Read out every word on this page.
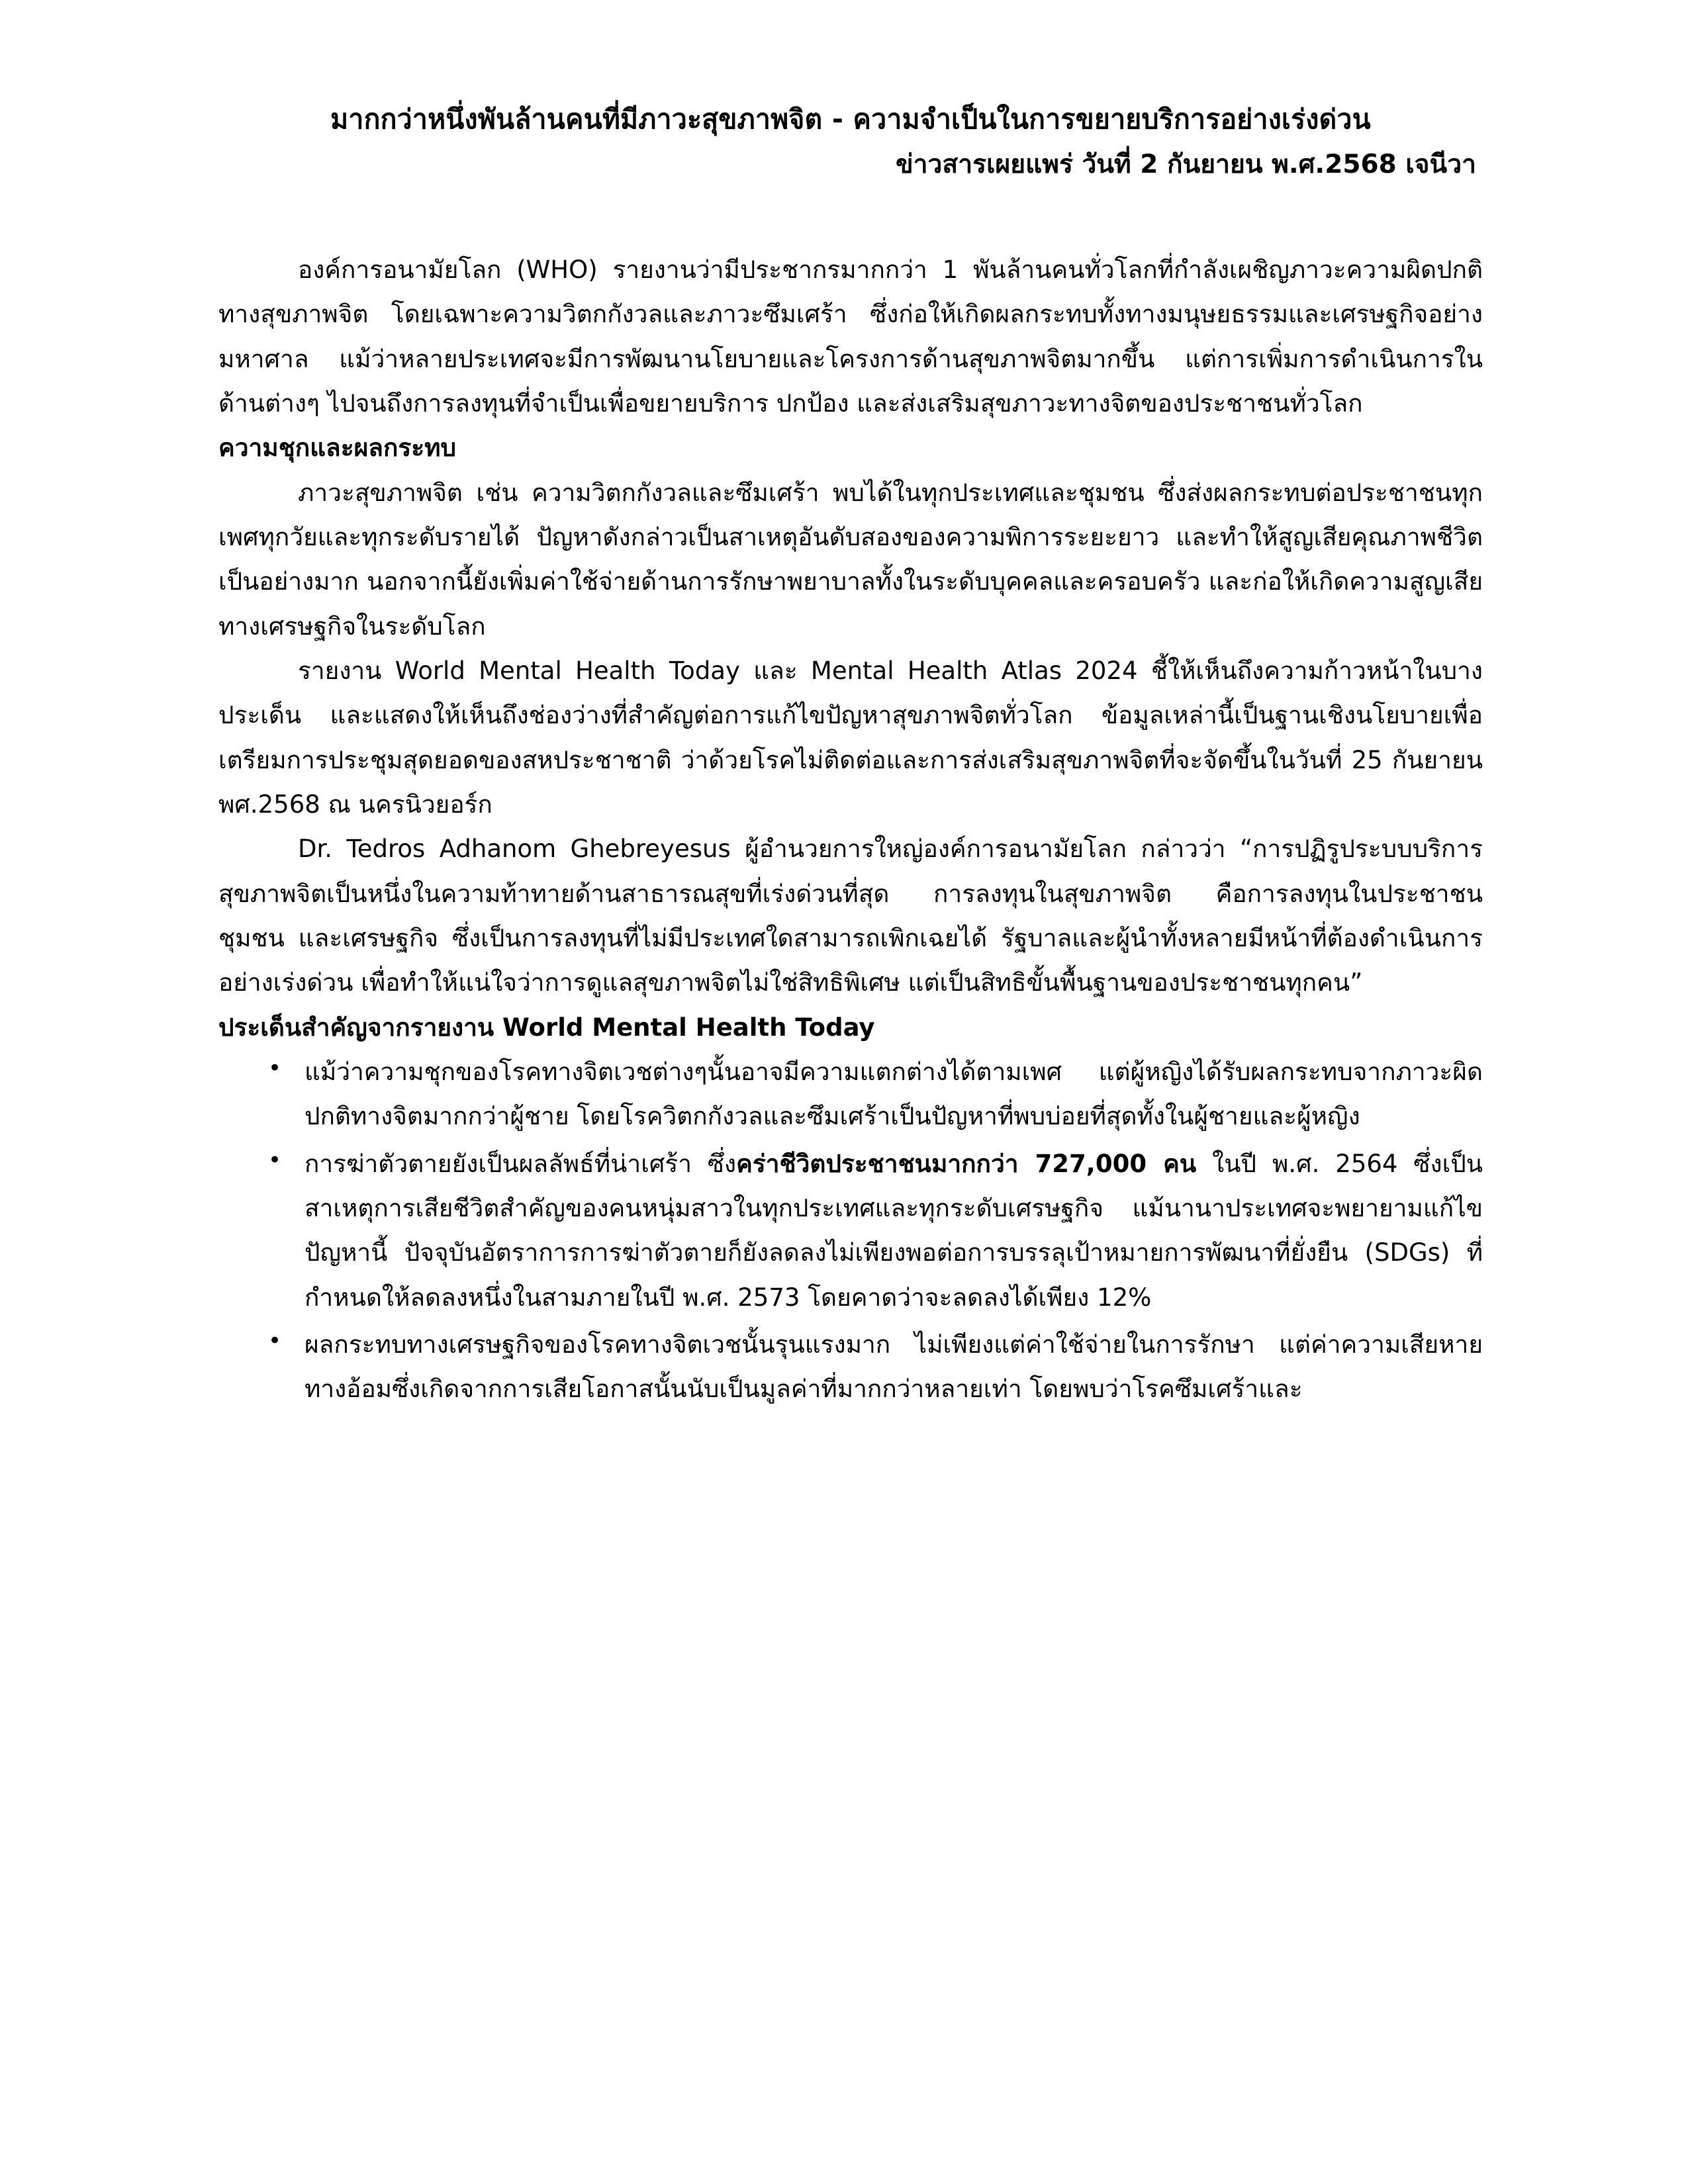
มากกว่าหนึ่งพันล้านคนที่มีภาวะสุขภาพจิต - ความจำเป็นในการขยายบริการอย่างเร่งด่วน
ข่าวสารเผยแพร่ วันที่ 2 กันยายน พ.ศ.2568 เจนีวา

องค์การอนามัยโลก (WHO) รายงานว่ามีประชากรมากกว่า 1 พันล้านคนทั่วโลกที่กำลังเผชิญภาวะความผิดปกติทางสุขภาพจิต โดยเฉพาะความวิตกกังวลและภาวะซึมเศร้า ซึ่งก่อให้เกิดผลกระทบทั้งทางมนุษยธรรมและเศรษฐกิจอย่างมหาศาล แม้ว่าหลายประเทศจะมีการพัฒนานโยบายและโครงการด้านสุขภาพจิตมากขึ้น แต่การเพิ่มการดำเนินการในด้านต่างๆ ไปจนถึงการลงทุนที่จำเป็นเพื่อขยายบริการ ปกป้อง และส่งเสริมสุขภาวะทางจิตของประชาชนทั่วโลก

ความชุกและผลกระทบ

ภาวะสุขภาพจิต เช่น ความวิตกกังวลและซึมเศร้า พบได้ในทุกประเทศและชุมชน ซึ่งส่งผลกระทบต่อประชาชนทุกเพศทุกวัยและทุกระดับรายได้ ปัญหาดังกล่าวเป็นสาเหตุอันดับสองของความพิการระยะยาว และทำให้สูญเสียคุณภาพชีวิตเป็นอย่างมาก นอกจากนี้ยังเพิ่มค่าใช้จ่ายด้านการรักษาพยาบาลทั้งในระดับบุคคลและครอบครัว และก่อให้เกิดความสูญเสียทางเศรษฐกิจในระดับโลก

รายงาน World Mental Health Today และ Mental Health Atlas 2024 ชี้ให้เห็นถึงความก้าวหน้าในบางประเด็น และแสดงให้เห็นถึงช่องว่างที่สำคัญต่อการแก้ไขปัญหาสุขภาพจิตทั่วโลก ข้อมูลเหล่านี้เป็นฐานเชิงนโยบายเพื่อเตรียมการประชุมสุดยอดของสหประชาชาติ ว่าด้วยโรคไม่ติดต่อและการส่งเสริมสุขภาพจิตที่จะจัดขึ้นในวันที่ 25 กันยายน พศ.2568 ณ นครนิวยอร์ก

Dr. Tedros Adhanom Ghebreyesus ผู้อำนวยการใหญ่องค์การอนามัยโลก กล่าวว่า “การปฏิรูประบบบริการสุขภาพจิตเป็นหนึ่งในความท้าทายด้านสาธารณสุขที่เร่งด่วนที่สุด การลงทุนในสุขภาพจิต คือการลงทุนในประชาชน ชุมชน และเศรษฐกิจ ซึ่งเป็นการลงทุนที่ไม่มีประเทศใดสามารถเพิกเฉยได้ รัฐบาลและผู้นำทั้งหลายมีหน้าที่ต้องดำเนินการอย่างเร่งด่วน เพื่อทำให้แน่ใจว่าการดูแลสุขภาพจิตไม่ใช่สิทธิพิเศษ แต่เป็นสิทธิขั้นพื้นฐานของประชาชนทุกคน”

ประเด็นสำคัญจากรายงาน World Mental Health Today
• แม้ว่าความชุกของโรคทางจิตเวชต่างๆนั้นอาจมีความแตกต่างได้ตามเพศ แต่ผู้หญิงได้รับผลกระทบจากภาวะผิดปกติทางจิตมากกว่าผู้ชาย โดยโรควิตกกังวลและซึมเศร้าเป็นปัญหาที่พบบ่อยที่สุดทั้งในผู้ชายและผู้หญิง
• การฆ่าตัวตายยังเป็นผลลัพธ์ที่น่าเศร้า ซึ่งคร่าชีวิตประชาชนมากกว่า 727,000 คน ในปี พ.ศ. 2564 ซึ่งเป็นสาเหตุการเสียชีวิตสำคัญของคนหนุ่มสาวในทุกประเทศและทุกระดับเศรษฐกิจ แม้นานาประเทศจะพยายามแก้ไขปัญหานี้ ปัจจุบันอัตราการการฆ่าตัวตายก็ยังลดลงไม่เพียงพอต่อการบรรลุเป้าหมายการพัฒนาที่ยั่งยืน (SDGs) ที่กำหนดให้ลดลงหนึ่งในสามภายในปี พ.ศ. 2573 โดยคาดว่าจะลดลงได้เพียง 12%
• ผลกระทบทางเศรษฐกิจของโรคทางจิตเวชนั้นรุนแรงมาก ไม่เพียงแต่ค่าใช้จ่ายในการรักษา แต่ค่าความเสียหายทางอ้อมซึ่งเกิดจากการเสียโอกาสนั้นนับเป็นมูลค่าที่มากกว่าหลายเท่า โดยพบว่าโรคซึมเศร้าและ
